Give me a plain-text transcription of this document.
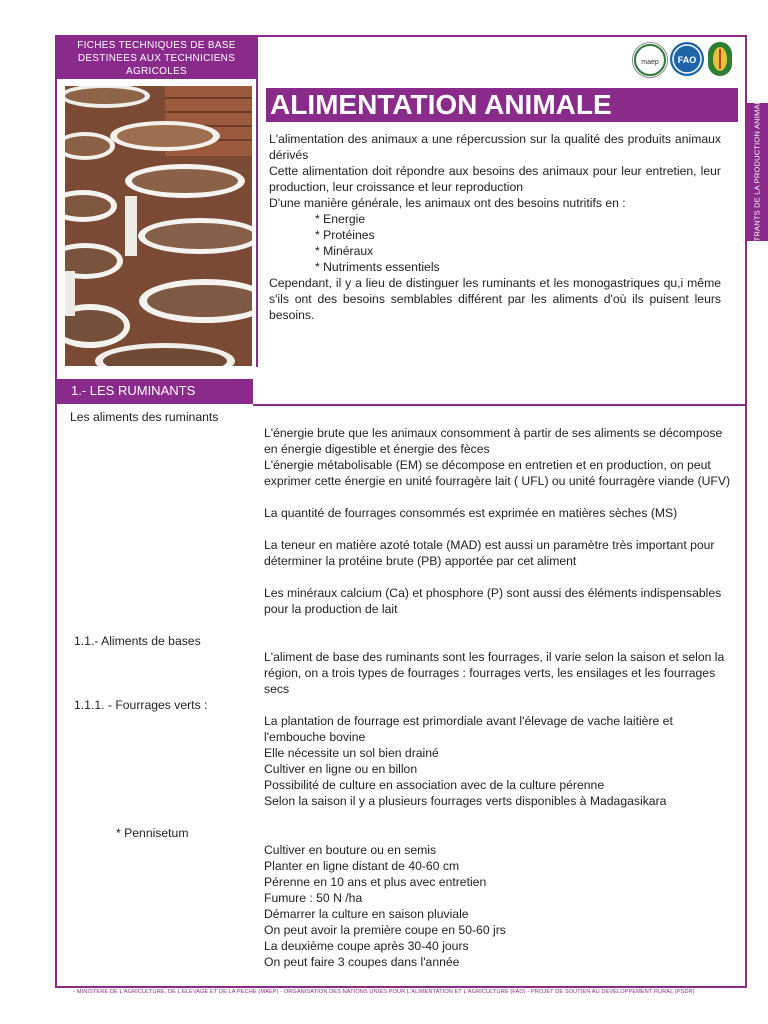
FICHES TECHNIQUES DE BASE
DESTINEES AUX TECHNICIENS
AGRICOLES
maep FAO
ALIMENTATION ANIMALE	INTRANTS DE LA PRODUCTION ANIMALE

L'alimentation des animaux a une répercussion sur la qualité des produits animaux dérivés

Cette alimentation doit répondre aux besoins des animaux pour leur entretien, leur production, leur croissance et leur reproduction

D'une manière générale, les animaux ont des besoins nutritifs en :

* Energie

* Protéines

* Minéraux

* Nutriments essentiels

Cependant, il y a lieu de distinguer les ruminants et les monogastriques qu,i même s'ils ont des besoins semblables différent par les aliments d'où ils puisent leurs besoins.

1.- LES RUMINANTS
Les aliments des ruminants

L'énergie brute que les animaux consomment à partir de ses aliments se décompose en énergie digestible et énergie des fèces

L'énergie métabolisable (EM) se décompose en entretien et en production, on peut exprimer cette énergie en unité fourragère lait ( UFL) ou unité fourragère viande (UFV)

La quantité de fourrages consommés est exprimée en matières sèches (MS)
La teneur en matière azoté totale (MAD) est aussi un paramètre très important pour déterminer la protéine brute (PB) apportée par cet aliment
Les minéraux calcium (Ca) et phosphore (P) sont aussi des éléments indispensables pour la production de lait
1.1.- Aliments de bases
L'aliment de base des ruminants sont les fourrages, il varie selon la saison et selon la région, on a trois types de fourrages : fourrages verts, les ensilages et les fourrages secs
1.1.1. - Fourrages verts :

La plantation de fourrage est primordiale avant l'élevage de vache laitière et l'embouche bovine

Elle nécessite un sol bien drainé

Cultiver en ligne ou en billon

Possibilité de culture en association avec de la culture pérenne

Selon la saison il y a plusieurs fourrages verts disponibles à Madagasikara

* Pennisetum

Cultiver en bouture ou en semis

Planter en ligne distant de 40-60 cm

Pérenne en 10 ans et plus avec entretien

Fumure : 50 N /ha

Démarrer la culture en saison pluviale

On peut avoir la première coupe en 50-60 jrs

La deuxième coupe après 30-40 jours

On peut faire 3 coupes dans l'année

- MINISTERE DE L'AGRICULTURE, DE L'ELEVAGE ET DE LA PECHE (MAEP) - ORGANISATION DES NATIONS UNIES POUR L'ALIMENTATION ET L'AGRICULTURE (FAO) - PROJET DE SOUTIEN AU DEVELOPPEMENT RURAL (PSDR)
